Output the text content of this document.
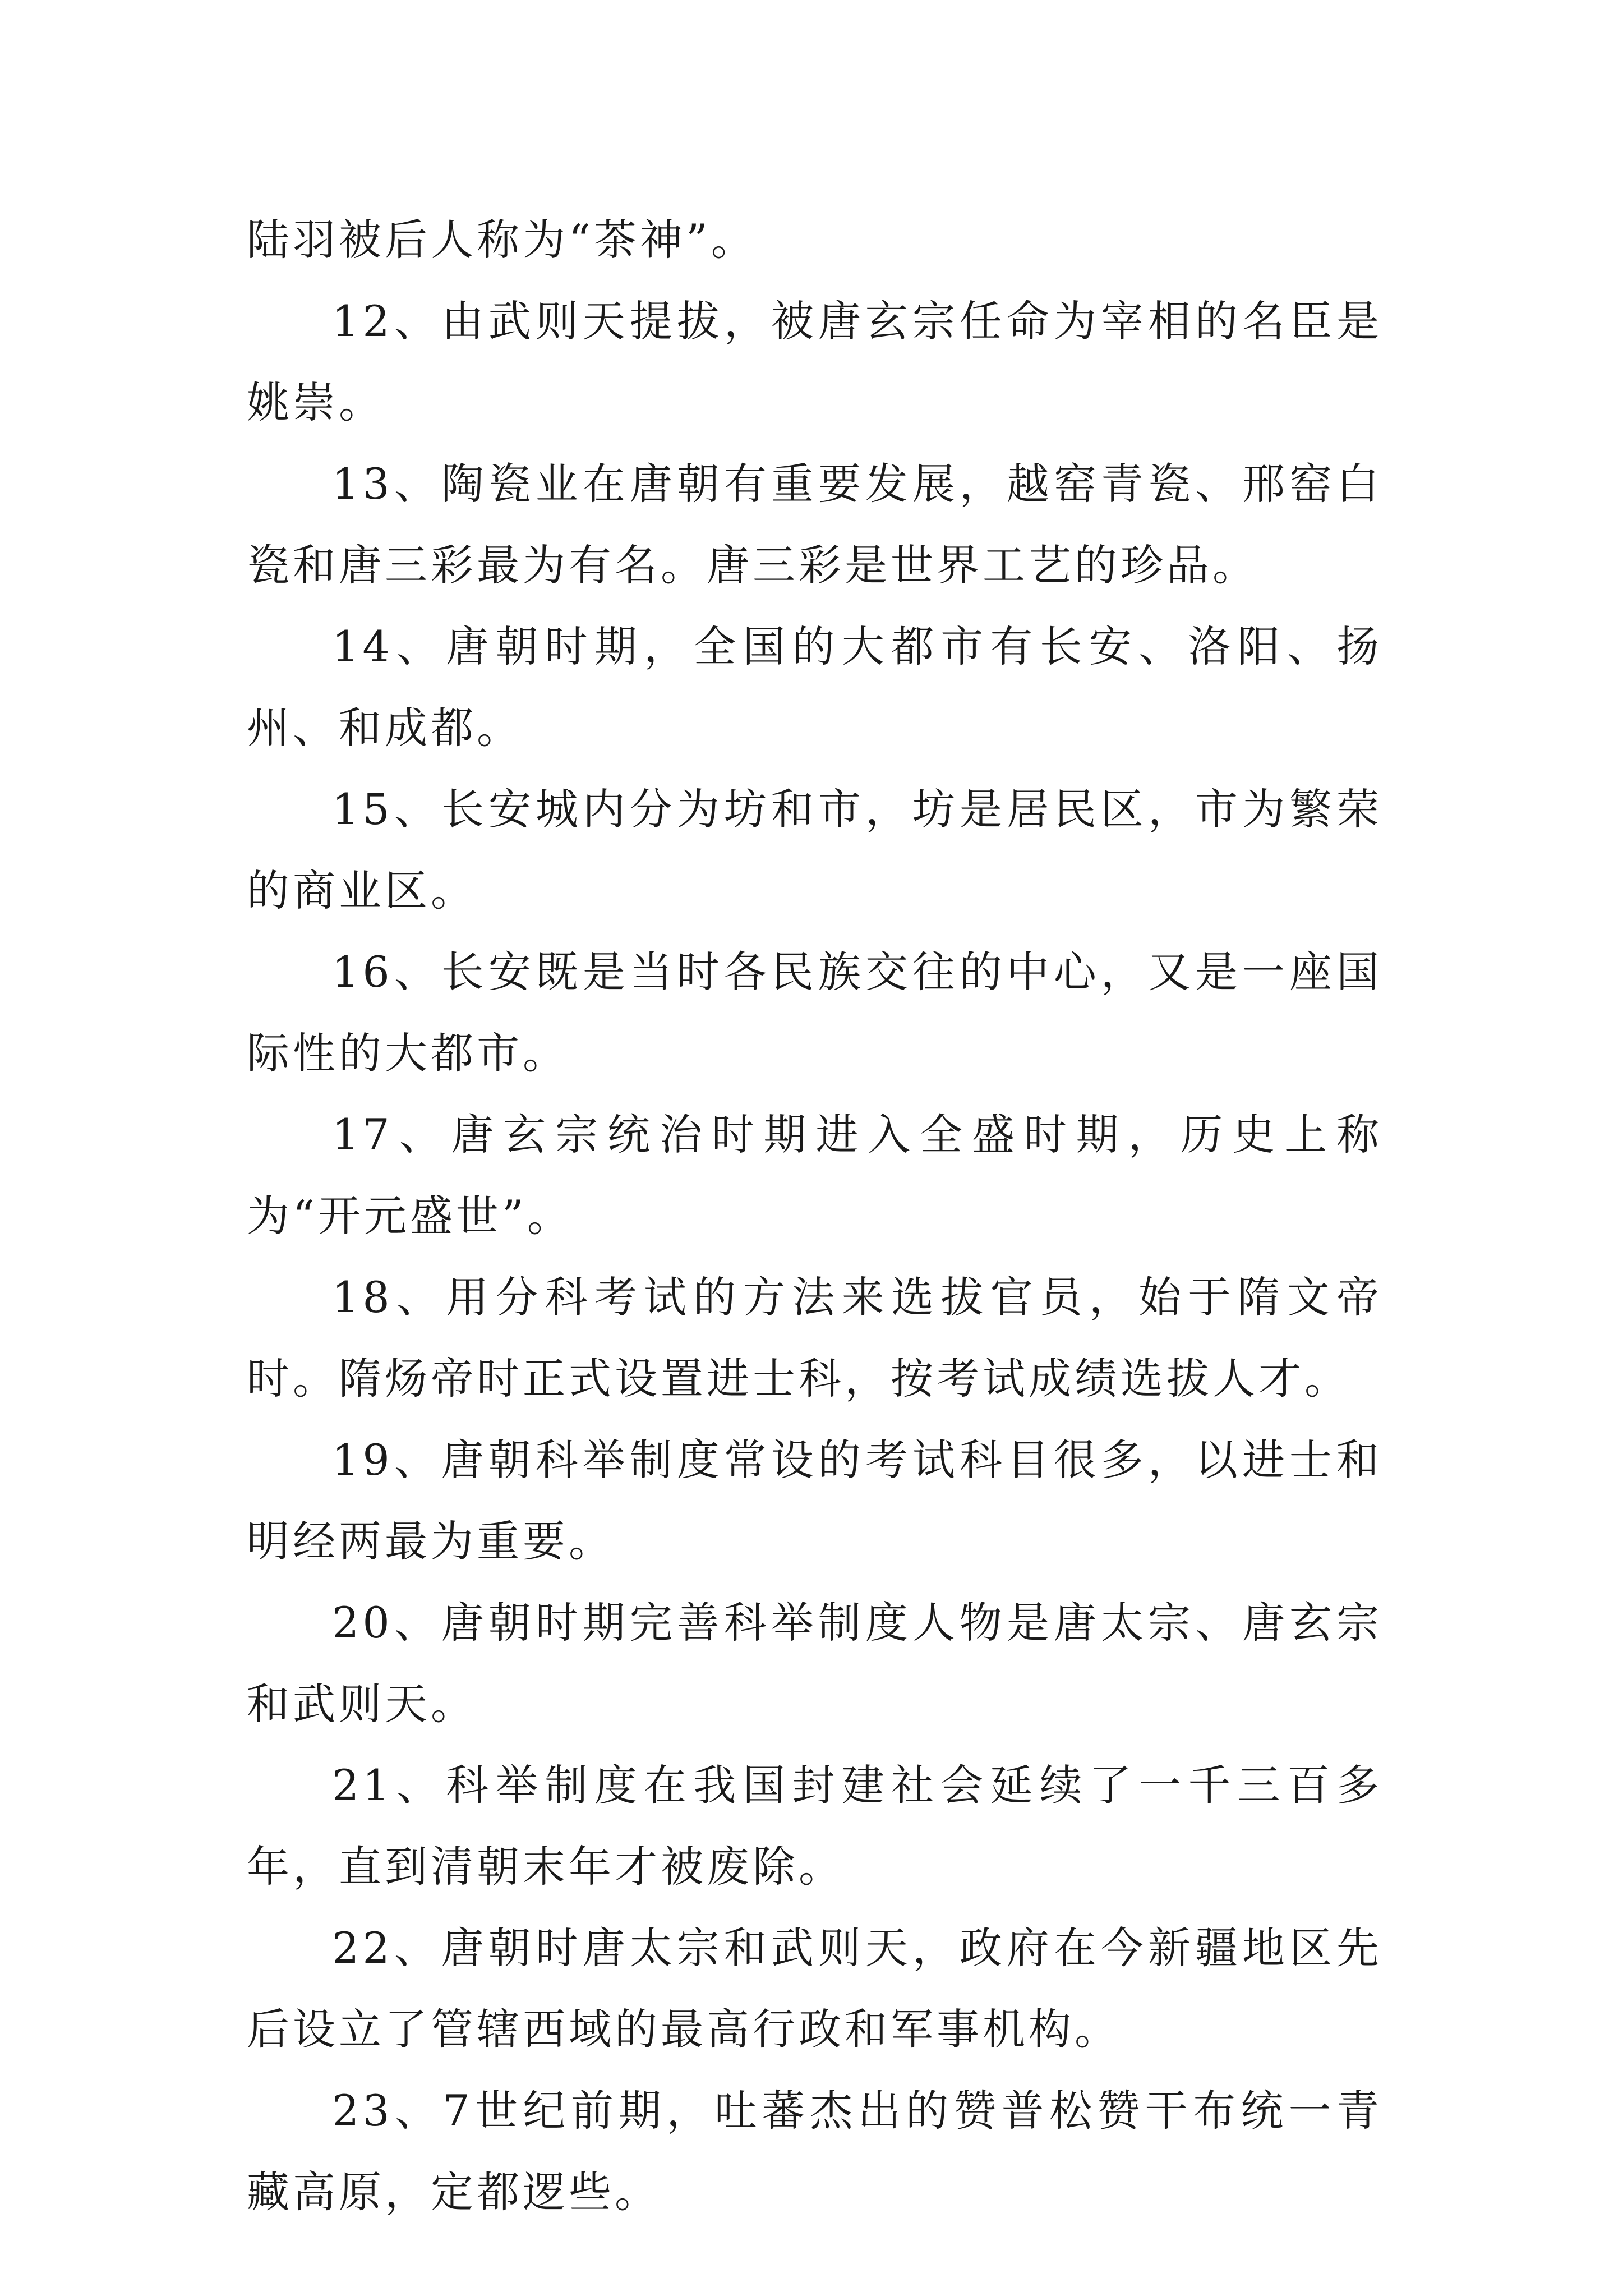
陆羽被后人称为“茶神”。

12、由武则天提拔，被唐玄宗任命为宰相的名臣是姚崇。

13、陶瓷业在唐朝有重要发展，越窑青瓷、邢窑白瓷和唐三彩最为有名。唐三彩是世界工艺的珍品。

14、唐朝时期，全国的大都市有长安、洛阳、扬州、和成都。

15、长安城内分为坊和市，坊是居民区，市为繁荣的商业区。

16、长安既是当时各民族交往的中心，又是一座国际性的大都市。

17、唐玄宗统治时期进入全盛时期，历史上称为“开元盛世”。

18、用分科考试的方法来选拔官员，始于隋文帝时。隋炀帝时正式设置进士科，按考试成绩选拔人才。

19、唐朝科举制度常设的考试科目很多，以进士和明经两最为重要。

20、唐朝时期完善科举制度人物是唐太宗、唐玄宗和武则天。

21、科举制度在我国封建社会延续了一千三百多年，直到清朝末年才被废除。

22、唐朝时唐太宗和武则天，政府在今新疆地区先后设立了管辖西域的最高行政和军事机构。

23、7世纪前期，吐蕃杰出的赞普松赞干布统一青藏高原，定都逻些。
